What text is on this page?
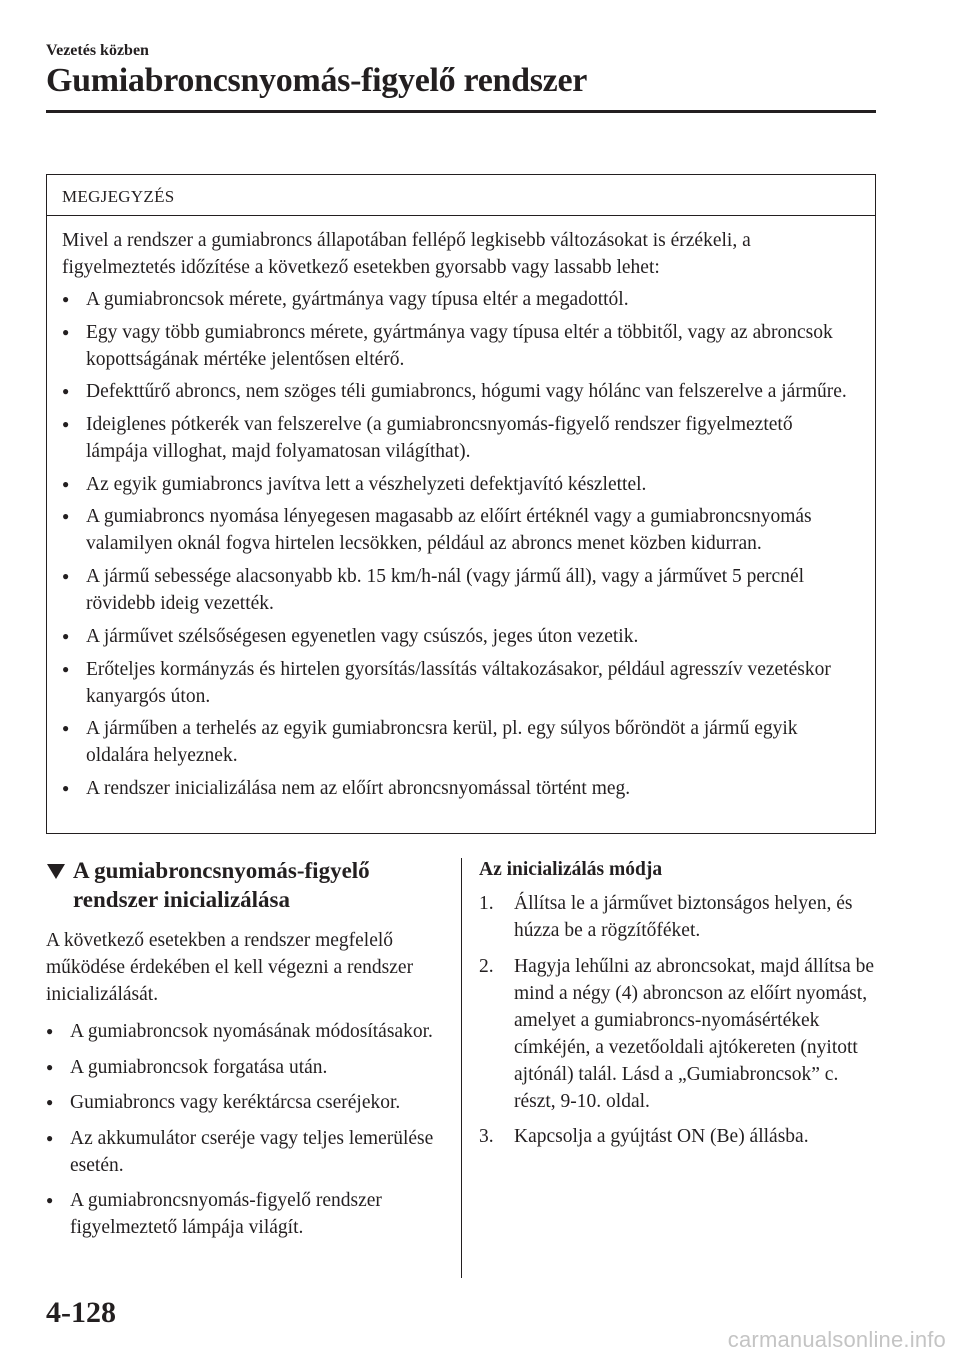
Vezetés közben
Gumiabroncsnyomás-figyelő rendszer
MEGJEGYZÉS

Mivel a rendszer a gumiabroncs állapotában fellépő legkisebb változásokat is érzékeli, a figyelmeztetés időzítése a következő esetekben gyorsabb vagy lassabb lehet:

● A gumiabroncsok mérete, gyártmánya vagy típusa eltér a megadottól.
● Egy vagy több gumiabroncs mérete, gyártmánya vagy típusa eltér a többitől, vagy az abroncsok kopottságának mértéke jelentősen eltérő.
● Defekttűrő abroncs, nem szöges téli gumiabroncs, hógumi vagy hólánc van felszerelve a járműre.
● Ideiglenes pótkerék van felszerelve (a gumiabroncsnyomás-figyelő rendszer figyelmeztető lámpája villoghat, majd folyamatosan világíthat).
● Az egyik gumiabroncs javítva lett a vészhelyzeti defektjavító készlettel.
● A gumiabroncs nyomása lényegesen magasabb az előírt értéknél vagy a gumiabroncsnyomás valamilyen oknál fogva hirtelen lecsökken, például az abroncs menet közben kidurran.
● A jármű sebessége alacsonyabb kb. 15 km/h-nál (vagy jármű áll), vagy a járművet 5 percnél rövidebb ideig vezették.
● A járművet szélsőségesen egyenetlen vagy csúszós, jeges úton vezetik.
● Erőteljes kormányzás és hirtelen gyorsítás/lassítás váltakozásakor, például agresszív vezetéskor kanyargós úton.
● A járműben a terhelés az egyik gumiabroncsra kerül, pl. egy súlyos bőröndöt a jármű egyik oldalára helyeznek.
● A rendszer inicializálása nem az előírt abroncsnyomással történt meg.
A gumiabroncsnyomás-figyelő
rendszer inicializálása

A következő esetekben a rendszer megfelelő működése érdekében el kell végezni a rendszer inicializálását.

● A gumiabroncsok nyomásának módosításakor.
● A gumiabroncsok forgatása után.
● Gumiabroncs vagy keréktárcsa cseréjekor.
● Az akkumulátor cseréje vagy teljes lemerülése esetén.
● A gumiabroncsnyomás-figyelő rendszer figyelmeztető lámpája világít.
Az inicializálás módja
1. Állítsa le a járművet biztonságos helyen, és húzza be a rögzítőféket.
2. Hagyja lehűlni az abroncsokat, majd állítsa be mind a négy (4) abroncson az előírt nyomást, amelyet a gumiabroncs-nyomásértékek címkéjén, a vezetőoldali ajtókereten (nyitott ajtónál) talál. Lásd a „Gumiabroncsok” c. részt, 9-10. oldal.
3. Kapcsolja a gyújtást ON (Be) állásba.
4-128
carmanualsonline.info
